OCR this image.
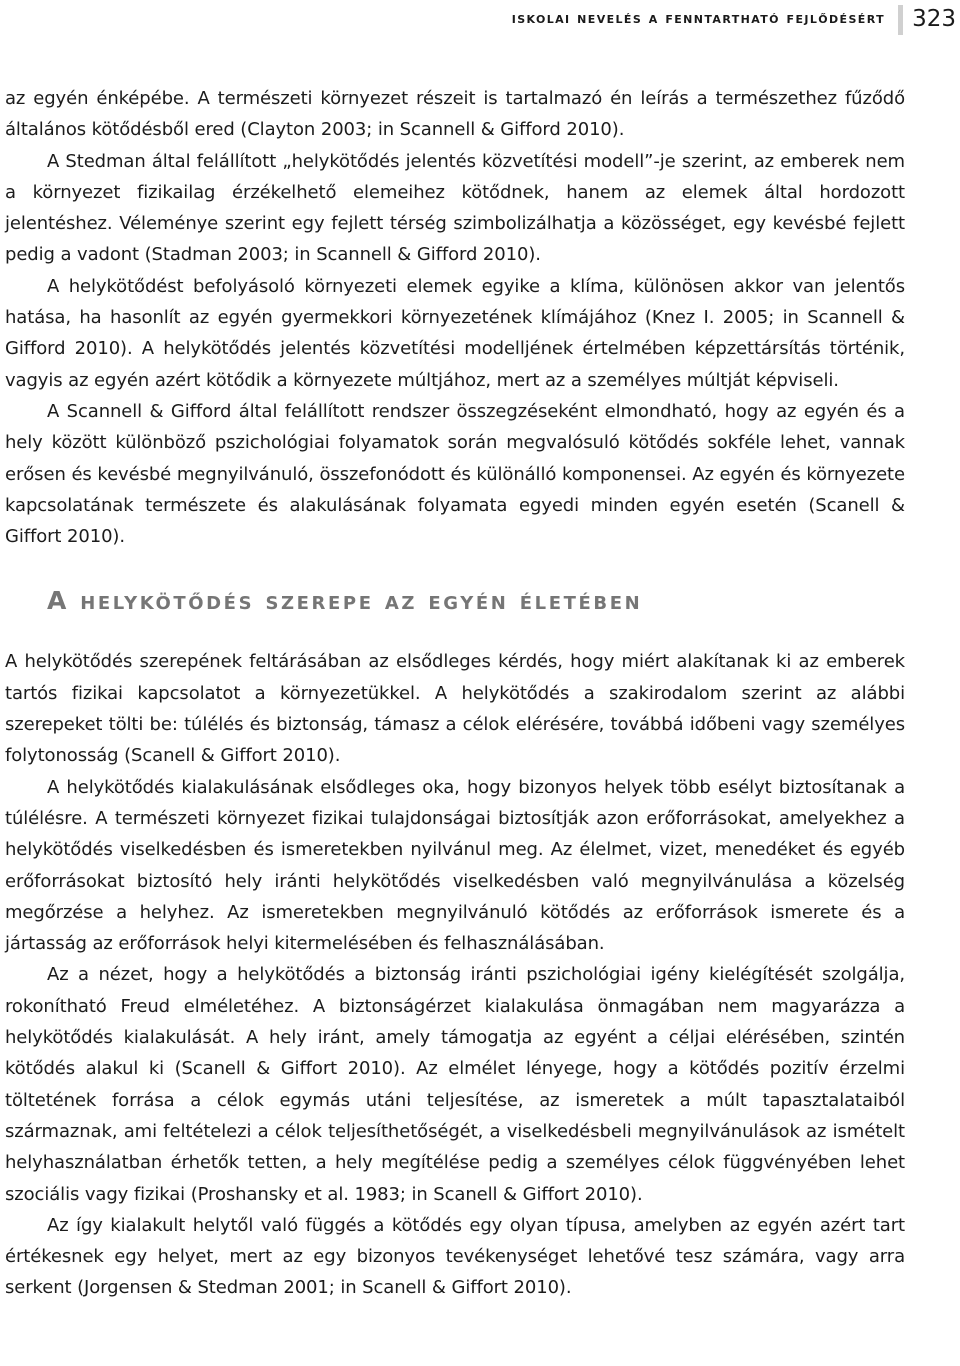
iskolai nevelés a fenntartható fejlődésért 323

az egyén énképébe. A természeti környezet részeit is tartalmazó én leírás a természethez fűződő általános kötődésből ered (Clayton 2003; in Scannell & Gifford 2010).

A Stedman által felállított „helykötődés jelentés közvetítési modell”-je szerint, az emberek nem a környezet fizikailag érzékelhető elemeihez kötődnek, hanem az elemek által hordozott jelentéshez. Véleménye szerint egy fejlett térség szimbolizálhatja a közösséget, egy kevésbé fejlett pedig a vadont (Stadman 2003; in Scannell & Gifford 2010).

A helykötődést befolyásoló környezeti elemek egyike a klíma, különösen akkor van jelentős hatása, ha hasonlít az egyén gyermekkori környezetének klímájához (Knez I. 2005; in Scannell & Gifford 2010). A helykötődés jelentés közvetítési modelljének értelmében képzettársítás történik, vagyis az egyén azért kötődik a környezete múltjához, mert az a személyes múltját képviseli.

A Scannell & Gifford által felállított rendszer összegzéseként elmondható, hogy az egyén és a hely között különböző pszichológiai folyamatok során megvalósuló kötődés sokféle lehet, vannak erősen és kevésbé megnyilvánuló, összefonódott és különálló komponensei. Az egyén és környezete kapcsolatának természete és alakulásának folyamata egyedi minden egyén esetén (Scanell & Giffort 2010).

A helykötődés szerepe az egyén életében

A helykötődés szerepének feltárásában az elsődleges kérdés, hogy miért alakítanak ki az emberek tartós fizikai kapcsolatot a környezetükkel. A helykötődés a szakirodalom szerint az alábbi szerepeket tölti be: túlélés és biztonság, támasz a célok elérésére, továbbá időbeni vagy személyes folytonosság (Scanell & Giffort 2010).

A helykötődés kialakulásának elsődleges oka, hogy bizonyos helyek több esélyt biztosítanak a túlélésre. A természeti környezet fizikai tulajdonságai biztosítják azon erőforrásokat, amelyekhez a helykötődés viselkedésben és ismeretekben nyilvánul meg. Az élelmet, vizet, menedéket és egyéb erőforrásokat biztosító hely iránti helykötődés viselkedésben való megnyilvánulása a közelség megőrzése a helyhez. Az ismeretekben megnyilvánuló kötődés az erőforrások ismerete és a jártasság az erőforrások helyi kitermelésében és felhasználásában.

Az a nézet, hogy a helykötődés a biztonság iránti pszichológiai igény kielégítését szolgálja, rokonítható Freud elméletéhez. A biztonságérzet kialakulása önmagában nem magyarázza a helykötődés kialakulását. A hely iránt, amely támogatja az egyént a céljai elérésében, szintén kötődés alakul ki (Scanell & Giffort 2010). Az elmélet lényege, hogy a kötődés pozitív érzelmi töltetének forrása a célok egymás utáni teljesítése, az ismeretek a múlt tapasztalataiból származnak, ami feltételezi a célok teljesíthetőségét, a viselkedésbeli megnyilvánulások az ismételt helyhasználatban érhetők tetten, a hely megítélése pedig a személyes célok függvényében lehet szociális vagy fizikai (Proshansky et al. 1983; in Scanell & Giffort 2010).

Az így kialakult helytől való függés a kötődés egy olyan típusa, amelyben az egyén azért tart értékesnek egy helyet, mert az egy bizonyos tevékenységet lehetővé tesz számára, vagy arra serkent (Jorgensen & Stedman 2001; in Scanell & Giffort 2010).
